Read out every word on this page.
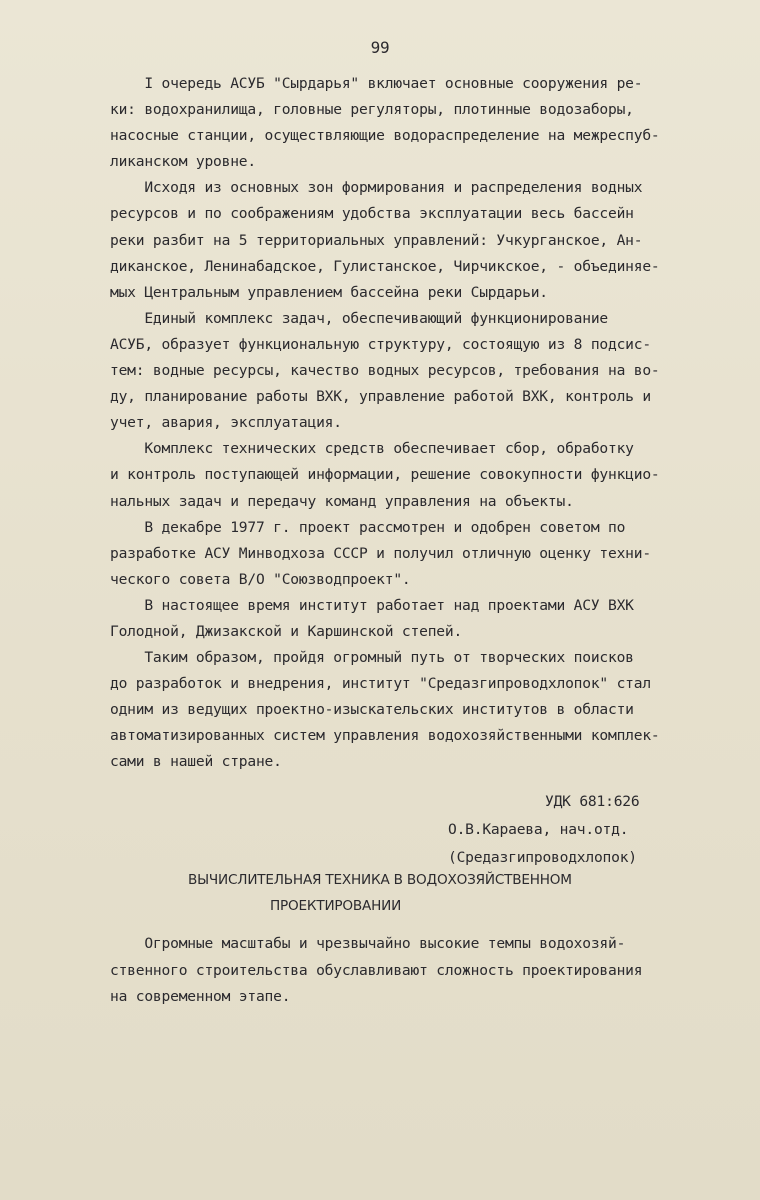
99
I очередь АСУБ "Сырдарья" включает основные сооружения ре-
ки: водохранилища, головные регуляторы, плотинные водозаборы,
насосные станции, осуществляющие водораспределение на межреспуб-
ликанском уровне.
Исходя из основных зон формирования и распределения водных
ресурсов и по соображениям удобства эксплуатации весь бассейн
реки разбит на 5 территориальных управлений: Учкурганское, Ан-
диканское, Ленинабадское, Гулистанское, Чирчикское, - объединяе-
мых Центральным управлением бассейна реки Сырдарьи.
Единый комплекс задач, обеспечивающий функционирование
АСУБ, образует функциональную структуру, состоящую из 8 подсис-
тем: водные ресурсы, качество водных ресурсов, требования на во-
ду, планирование работы ВХК, управление работой ВХК, контроль и
учет, авария, эксплуатация.
Комплекс технических средств обеспечивает сбор, обработку
и контроль поступающей информации, решение совокупности функцио-
нальных задач и передачу команд управления на объекты.
В декабре 1977 г. проект рассмотрен и одобрен советом по
разработке АСУ Минводхоза СССР и получил отличную оценку техни-
ческого совета В/О "Союзводпроект".
В настоящее время институт работает над проектами АСУ ВХК
Голодной, Джизакской и Каршинской степей.
Таким образом, пройдя огромный путь от творческих поисков
до разработок и внедрения, институт "Средазгипроводхлопок" стал
одним из ведущих проектно-изыскательских институтов в области
автоматизированных систем управления водохозяйственными комплек-
сами в нашей стране.
УДК 681:626
О.В.Караева, нач.отд.
(Средазгипроводхлопок)
ВЫЧИСЛИТЕЛЬНАЯ ТЕХНИКА В ВОДОХОЗЯЙСТВЕННОМ
ПРОЕКТИРОВАНИИ
Огромные масштабы и чрезвычайно высокие темпы водохозяй-
ственного строительства обуславливают сложность проектирования
на современном этапе.
